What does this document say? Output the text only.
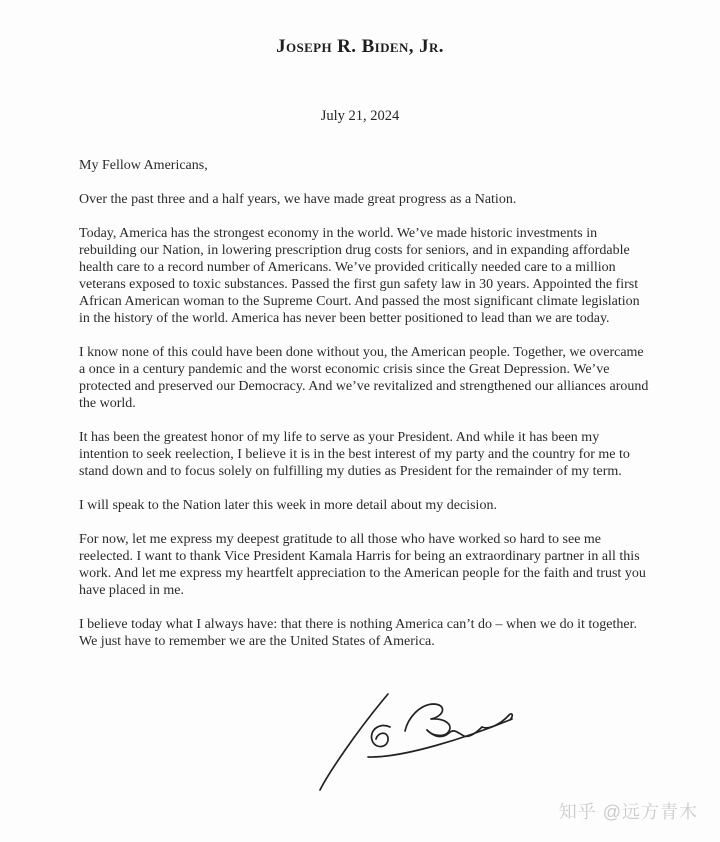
Joseph R. Biden, Jr.
July 21, 2024

My Fellow Americans,

Over the past three and a half years, we have made great progress as a Nation.

Today, America has the strongest economy in the world. We’ve made historic investments in rebuilding our Nation, in lowering prescription drug costs for seniors, and in expanding affordable health care to a record number of Americans. We’ve provided critically needed care to a million veterans exposed to toxic substances. Passed the first gun safety law in 30 years. Appointed the first African American woman to the Supreme Court. And passed the most significant climate legislation in the history of the world. America has never been better positioned to lead than we are today.

I know none of this could have been done without you, the American people. Together, we overcame a once in a century pandemic and the worst economic crisis since the Great Depression. We’ve protected and preserved our Democracy. And we’ve revitalized and strengthened our alliances around the world.

It has been the greatest honor of my life to serve as your President. And while it has been my intention to seek reelection, I believe it is in the best interest of my party and the country for me to stand down and to focus solely on fulfilling my duties as President for the remainder of my term.

I will speak to the Nation later this week in more detail about my decision.

For now, let me express my deepest gratitude to all those who have worked so hard to see me reelected. I want to thank Vice President Kamala Harris for being an extraordinary partner in all this work. And let me express my heartfelt appreciation to the American people for the faith and trust you have placed in me.

I believe today what I always have: that there is nothing America can’t do – when we do it together. We just have to remember we are the United States of America.

知乎 @远方青木
